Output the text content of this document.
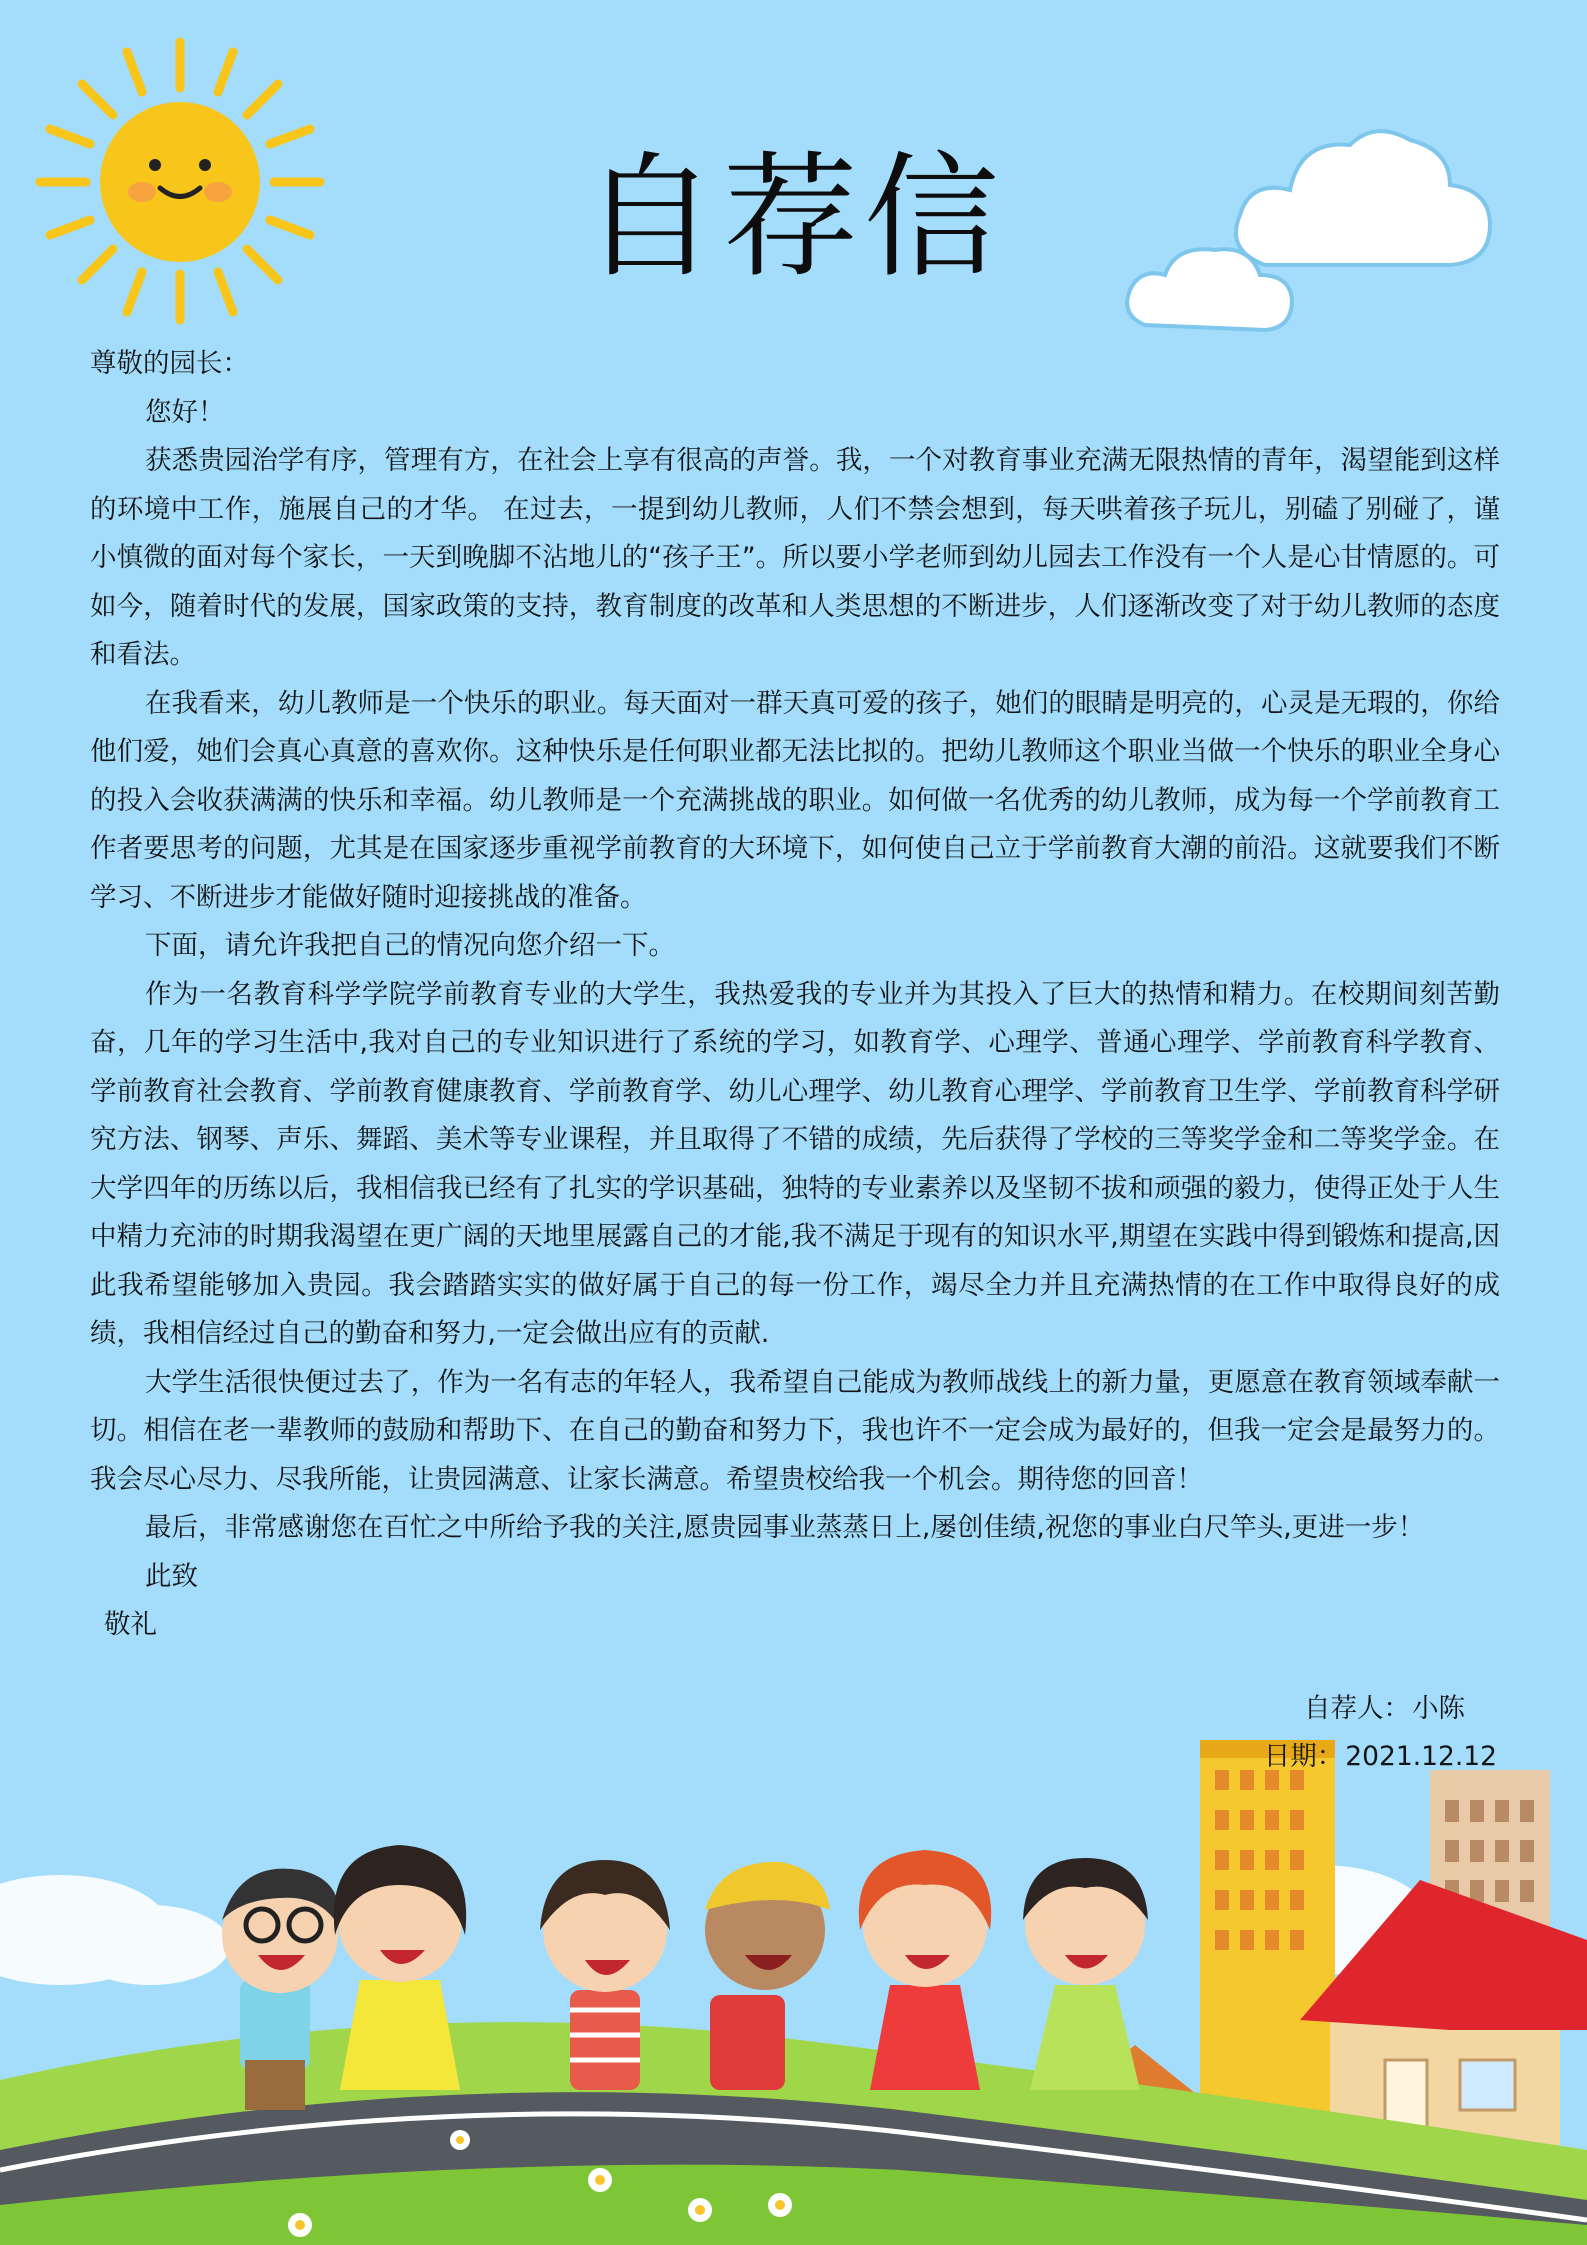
自荐信

尊敬的园长：

您好！

获悉贵园治学有序，管理有方，在社会上享有很高的声誉。我，一个对教育事业充满无限热情的青年，渴望能到这样的环境中工作，施展自己的才华。 在过去，一提到幼儿教师，人们不禁会想到，每天哄着孩子玩儿，别磕了别碰了，谨小慎微的面对每个家长，一天到晚脚不沾地儿的“孩子王”。所以要小学老师到幼儿园去工作没有一个人是心甘情愿的。可如今，随着时代的发展，国家政策的支持，教育制度的改革和人类思想的不断进步，人们逐渐改变了对于幼儿教师的态度和看法。

在我看来，幼儿教师是一个快乐的职业。每天面对一群天真可爱的孩子，她们的眼睛是明亮的，心灵是无瑕的，你给他们爱，她们会真心真意的喜欢你。这种快乐是任何职业都无法比拟的。把幼儿教师这个职业当做一个快乐的职业全身心的投入会收获满满的快乐和幸福。幼儿教师是一个充满挑战的职业。如何做一名优秀的幼儿教师，成为每一个学前教育工作者要思考的问题，尤其是在国家逐步重视学前教育的大环境下，如何使自己立于学前教育大潮的前沿。这就要我们不断学习、不断进步才能做好随时迎接挑战的准备。

下面，请允许我把自己的情况向您介绍一下。

作为一名教育科学学院学前教育专业的大学生，我热爱我的专业并为其投入了巨大的热情和精力。在校期间刻苦勤奋，几年的学习生活中,我对自己的专业知识进行了系统的学习，如教育学、心理学、普通心理学、学前教育科学教育、学前教育社会教育、学前教育健康教育、学前教育学、幼儿心理学、幼儿教育心理学、学前教育卫生学、学前教育科学研究方法、钢琴、声乐、舞蹈、美术等专业课程，并且取得了不错的成绩，先后获得了学校的三等奖学金和二等奖学金。在大学四年的历练以后，我相信我已经有了扎实的学识基础，独特的专业素养以及坚韧不拔和顽强的毅力，使得正处于人生中精力充沛的时期我渴望在更广阔的天地里展露自己的才能,我不满足于现有的知识水平,期望在实践中得到锻炼和提高,因此我希望能够加入贵园。我会踏踏实实的做好属于自己的每一份工作，竭尽全力并且充满热情的在工作中取得良好的成绩，我相信经过自己的勤奋和努力,一定会做出应有的贡献.

大学生活很快便过去了，作为一名有志的年轻人，我希望自己能成为教师战线上的新力量，更愿意在教育领域奉献一切。相信在老一辈教师的鼓励和帮助下、在自己的勤奋和努力下，我也许不一定会成为最好的，但我一定会是最努力的。我会尽心尽力、尽我所能，让贵园满意、让家长满意。希望贵校给我一个机会。期待您的回音！

最后，非常感谢您在百忙之中所给予我的关注,愿贵园事业蒸蒸日上,屡创佳绩,祝您的事业白尺竿头,更进一步！

此致

敬礼

自荐人：小陈
日期：2021.12.12
